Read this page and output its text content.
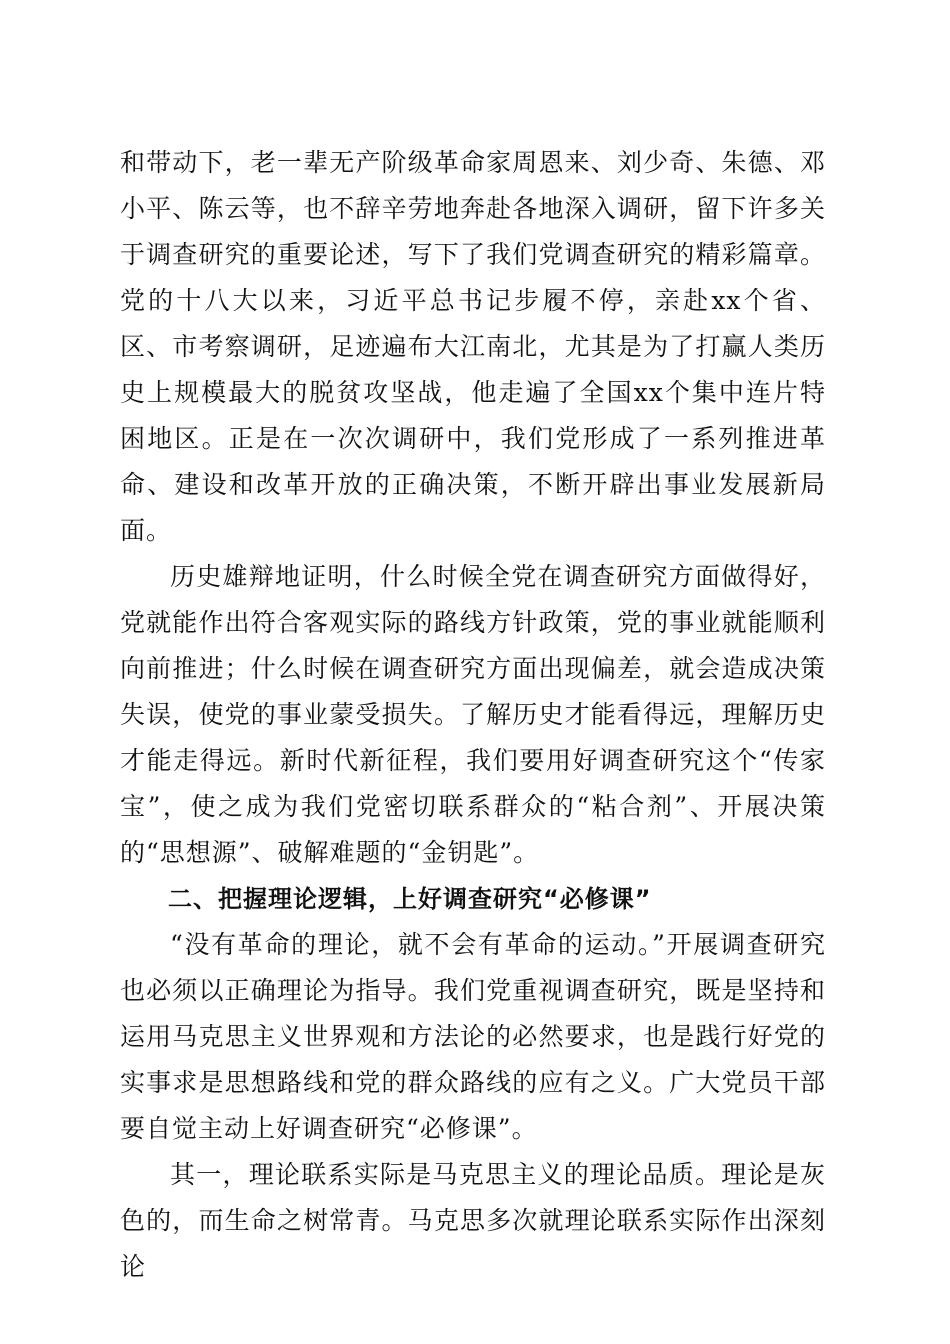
和带动下，老一辈无产阶级革命家周恩来、刘少奇、朱德、邓小平、陈云等，也不辞辛劳地奔赴各地深入调研，留下许多关于调查研究的重要论述，写下了我们党调查研究的精彩篇章。党的十八大以来，习近平总书记步履不停，亲赴xx个省、区、市考察调研，足迹遍布大江南北，尤其是为了打赢人类历史上规模最大的脱贫攻坚战，他走遍了全国xx个集中连片特困地区。正是在一次次调研中，我们党形成了一系列推进革命、建设和改革开放的正确决策，不断开辟出事业发展新局面。

历史雄辩地证明，什么时候全党在调查研究方面做得好，党就能作出符合客观实际的路线方针政策，党的事业就能顺利向前推进；什么时候在调查研究方面出现偏差，就会造成决策失误，使党的事业蒙受损失。了解历史才能看得远，理解历史才能走得远。新时代新征程，我们要用好调查研究这个“传家宝”，使之成为我们党密切联系群众的“粘合剂”、开展决策的“思想源”、破解难题的“金钥匙”。

二、把握理论逻辑，上好调查研究“必修课”

“没有革命的理论，就不会有革命的运动。”开展调查研究也必须以正确理论为指导。我们党重视调查研究，既是坚持和运用马克思主义世界观和方法论的必然要求，也是践行好党的实事求是思想路线和党的群众路线的应有之义。广大党员干部要自觉主动上好调查研究“必修课”。

其一，理论联系实际是马克思主义的理论品质。理论是灰色的，而生命之树常青。马克思多次就理论联系实际作出深刻论
